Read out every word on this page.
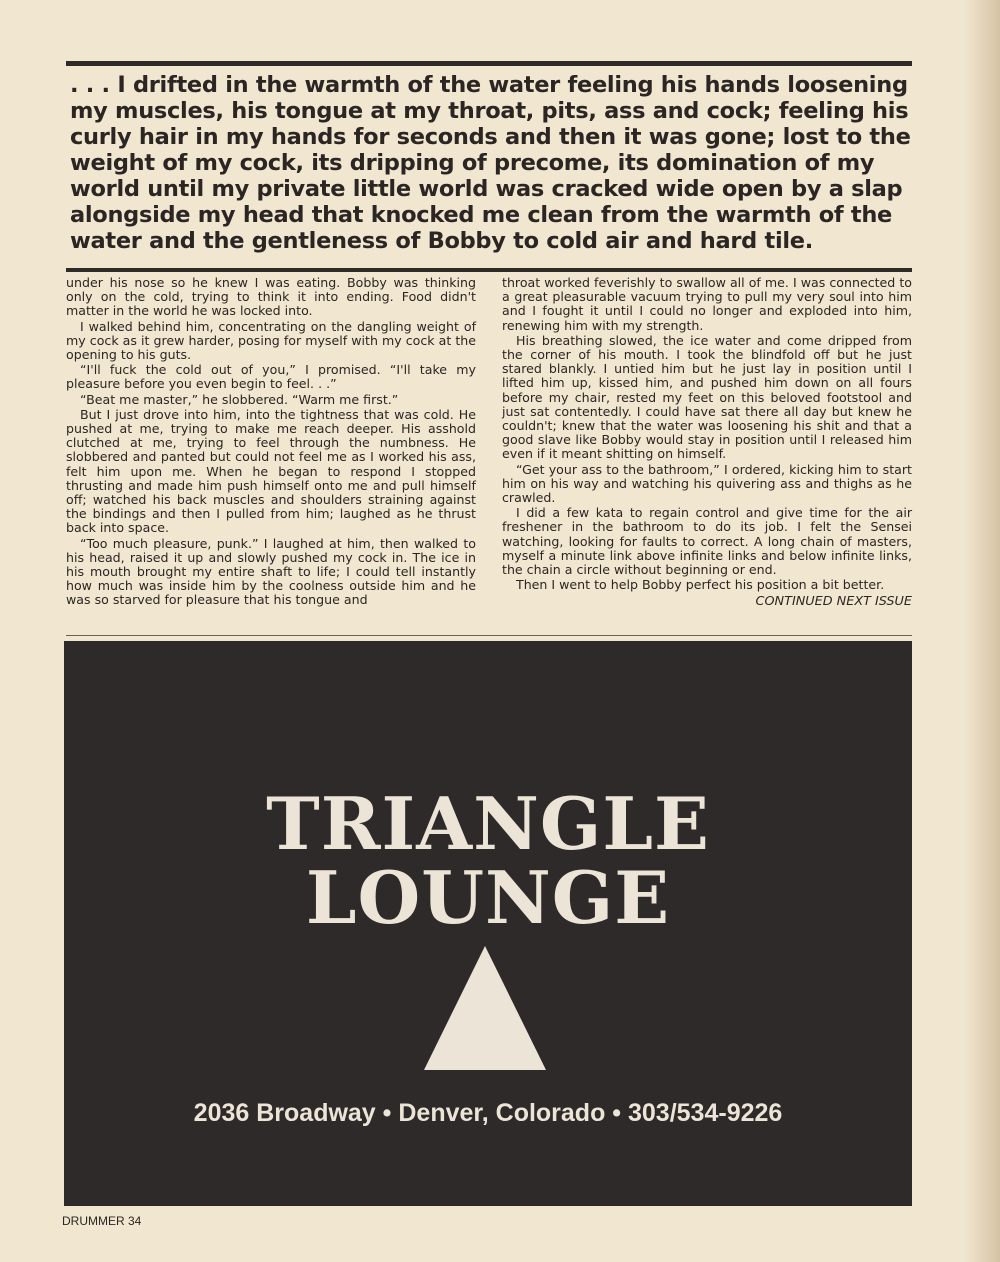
. . . I drifted in the warmth of the water feeling his hands loosening my muscles, his tongue at my throat, pits, ass and cock; feeling his curly hair in my hands for seconds and then it was gone; lost to the weight of my cock, its dripping of precome, its domination of my world until my private little world was cracked wide open by a slap alongside my head that knocked me clean from the warmth of the water and the gentleness of Bobby to cold air and hard tile.

under his nose so he knew I was eating. Bobby was thinking only on the cold, trying to think it into ending. Food didn't matter in the world he was locked into.

I walked behind him, concentrating on the dangling weight of my cock as it grew harder, posing for myself with my cock at the opening to his guts.

“I'll fuck the cold out of you,” I promised. “I'll take my pleasure before you even begin to feel. . .”

“Beat me master,” he slobbered. “Warm me first.”

But I just drove into him, into the tightness that was cold. He pushed at me, trying to make me reach deeper. His asshold clutched at me, trying to feel through the numbness. He slobbered and panted but could not feel me as I worked his ass, felt him upon me. When he began to respond I stopped thrusting and made him push himself onto me and pull himself off; watched his back muscles and shoulders straining against the bindings and then I pulled from him; laughed as he thrust back into space.

“Too much pleasure, punk.” I laughed at him, then walked to his head, raised it up and slowly pushed my cock in. The ice in his mouth brought my entire shaft to life; I could tell instantly how much was inside him by the coolness outside him and he was so starved for pleasure that his tongue and

throat worked feverishly to swallow all of me. I was connected to a great pleasurable vacuum trying to pull my very soul into him and I fought it until I could no longer and exploded into him, renewing him with my strength.

His breathing slowed, the ice water and come dripped from the corner of his mouth. I took the blindfold off but he just stared blankly. I untied him but he just lay in position until I lifted him up, kissed him, and pushed him down on all fours before my chair, rested my feet on this beloved footstool and just sat contentedly. I could have sat there all day but knew he couldn't; knew that the water was loosening his shit and that a good slave like Bobby would stay in position until I released him even if it meant shitting on himself.

“Get your ass to the bathroom,” I ordered, kicking him to start him on his way and watching his quivering ass and thighs as he crawled.

I did a few kata to regain control and give time for the air freshener in the bathroom to do its job. I felt the Sensei watching, looking for faults to correct. A long chain of masters, myself a minute link above infinite links and below infinite links, the chain a circle without beginning or end.

Then I went to help Bobby perfect his position a bit better.

CONTINUED NEXT ISSUE

TRIANGLE
LOUNGE
2036 Broadway • Denver, Colorado • 303/534-9226
DRUMMER 34
